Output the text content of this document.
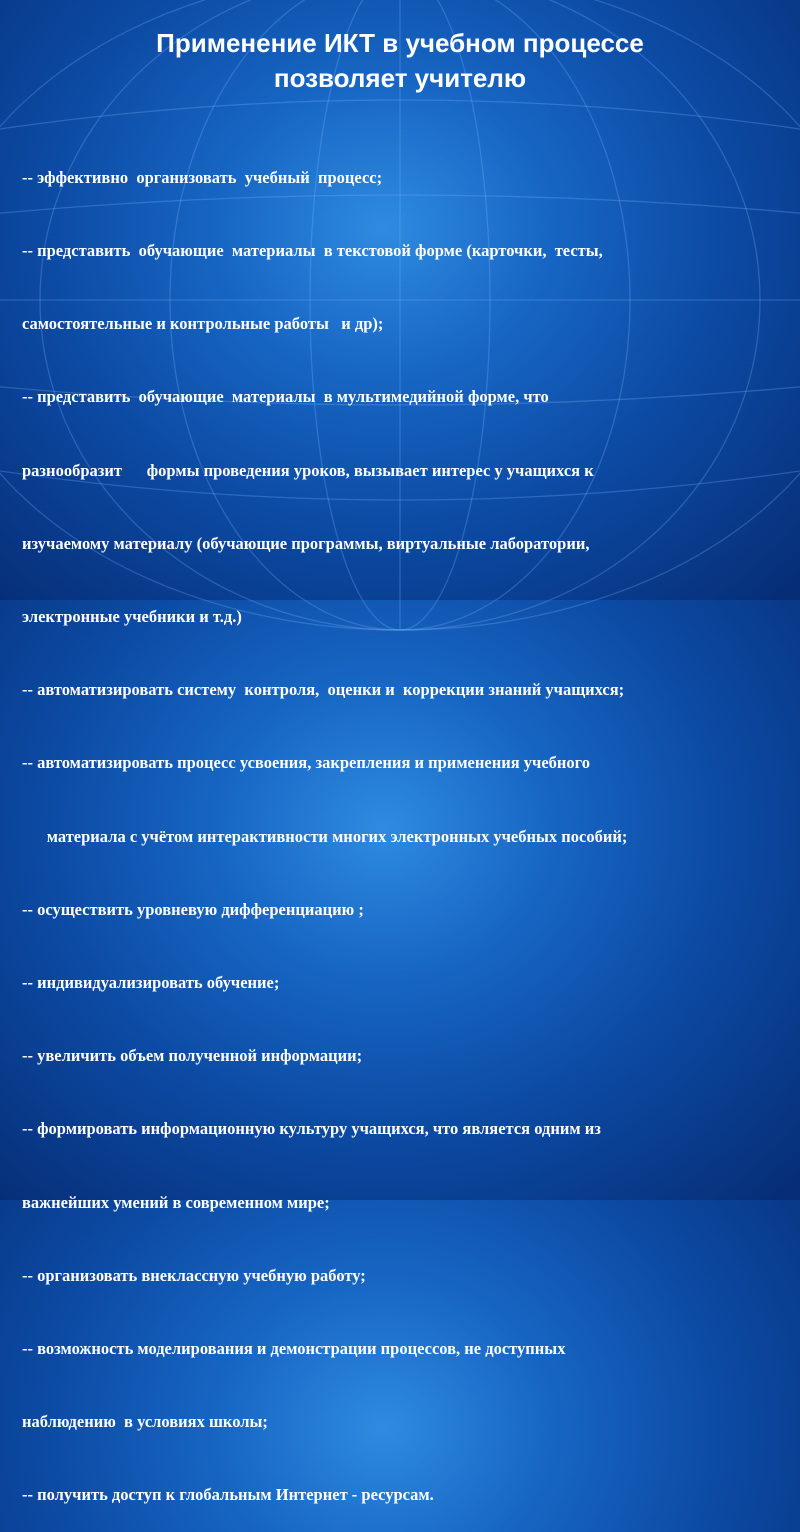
Применение ИКТ в учебном процессе
позволяет учителю

-- эффективно  организовать  учебный  процесс;

-- представить  обучающие  материалы  в текстовой форме (карточки,  тесты,

самостоятельные и контрольные работы   и др);

-- представить  обучающие  материалы  в мультимедийной форме, что

разнообразит      формы проведения уроков, вызывает интерес у учащихся к

изучаемому материалу (обучающие программы, виртуальные лаборатории,

электронные учебники и т.д.)

-- автоматизировать систему  контроля,  оценки и  коррекции знаний учащихся;

-- автоматизировать процесс усвоения, закрепления и применения учебного

материала с учётом интерактивности многих электронных учебных пособий;

-- осуществить уровневую дифференциацию ;

-- индивидуализировать обучение;

-- увеличить объем полученной информации;

-- формировать информационную культуру учащихся, что является одним из

важнейших умений в современном мире;

-- организовать внеклассную учебную работу;

-- возможность моделирования и демонстрации процессов, не доступных

наблюдению  в условиях школы;

-- получить доступ к глобальным Интернет - ресурсам.
